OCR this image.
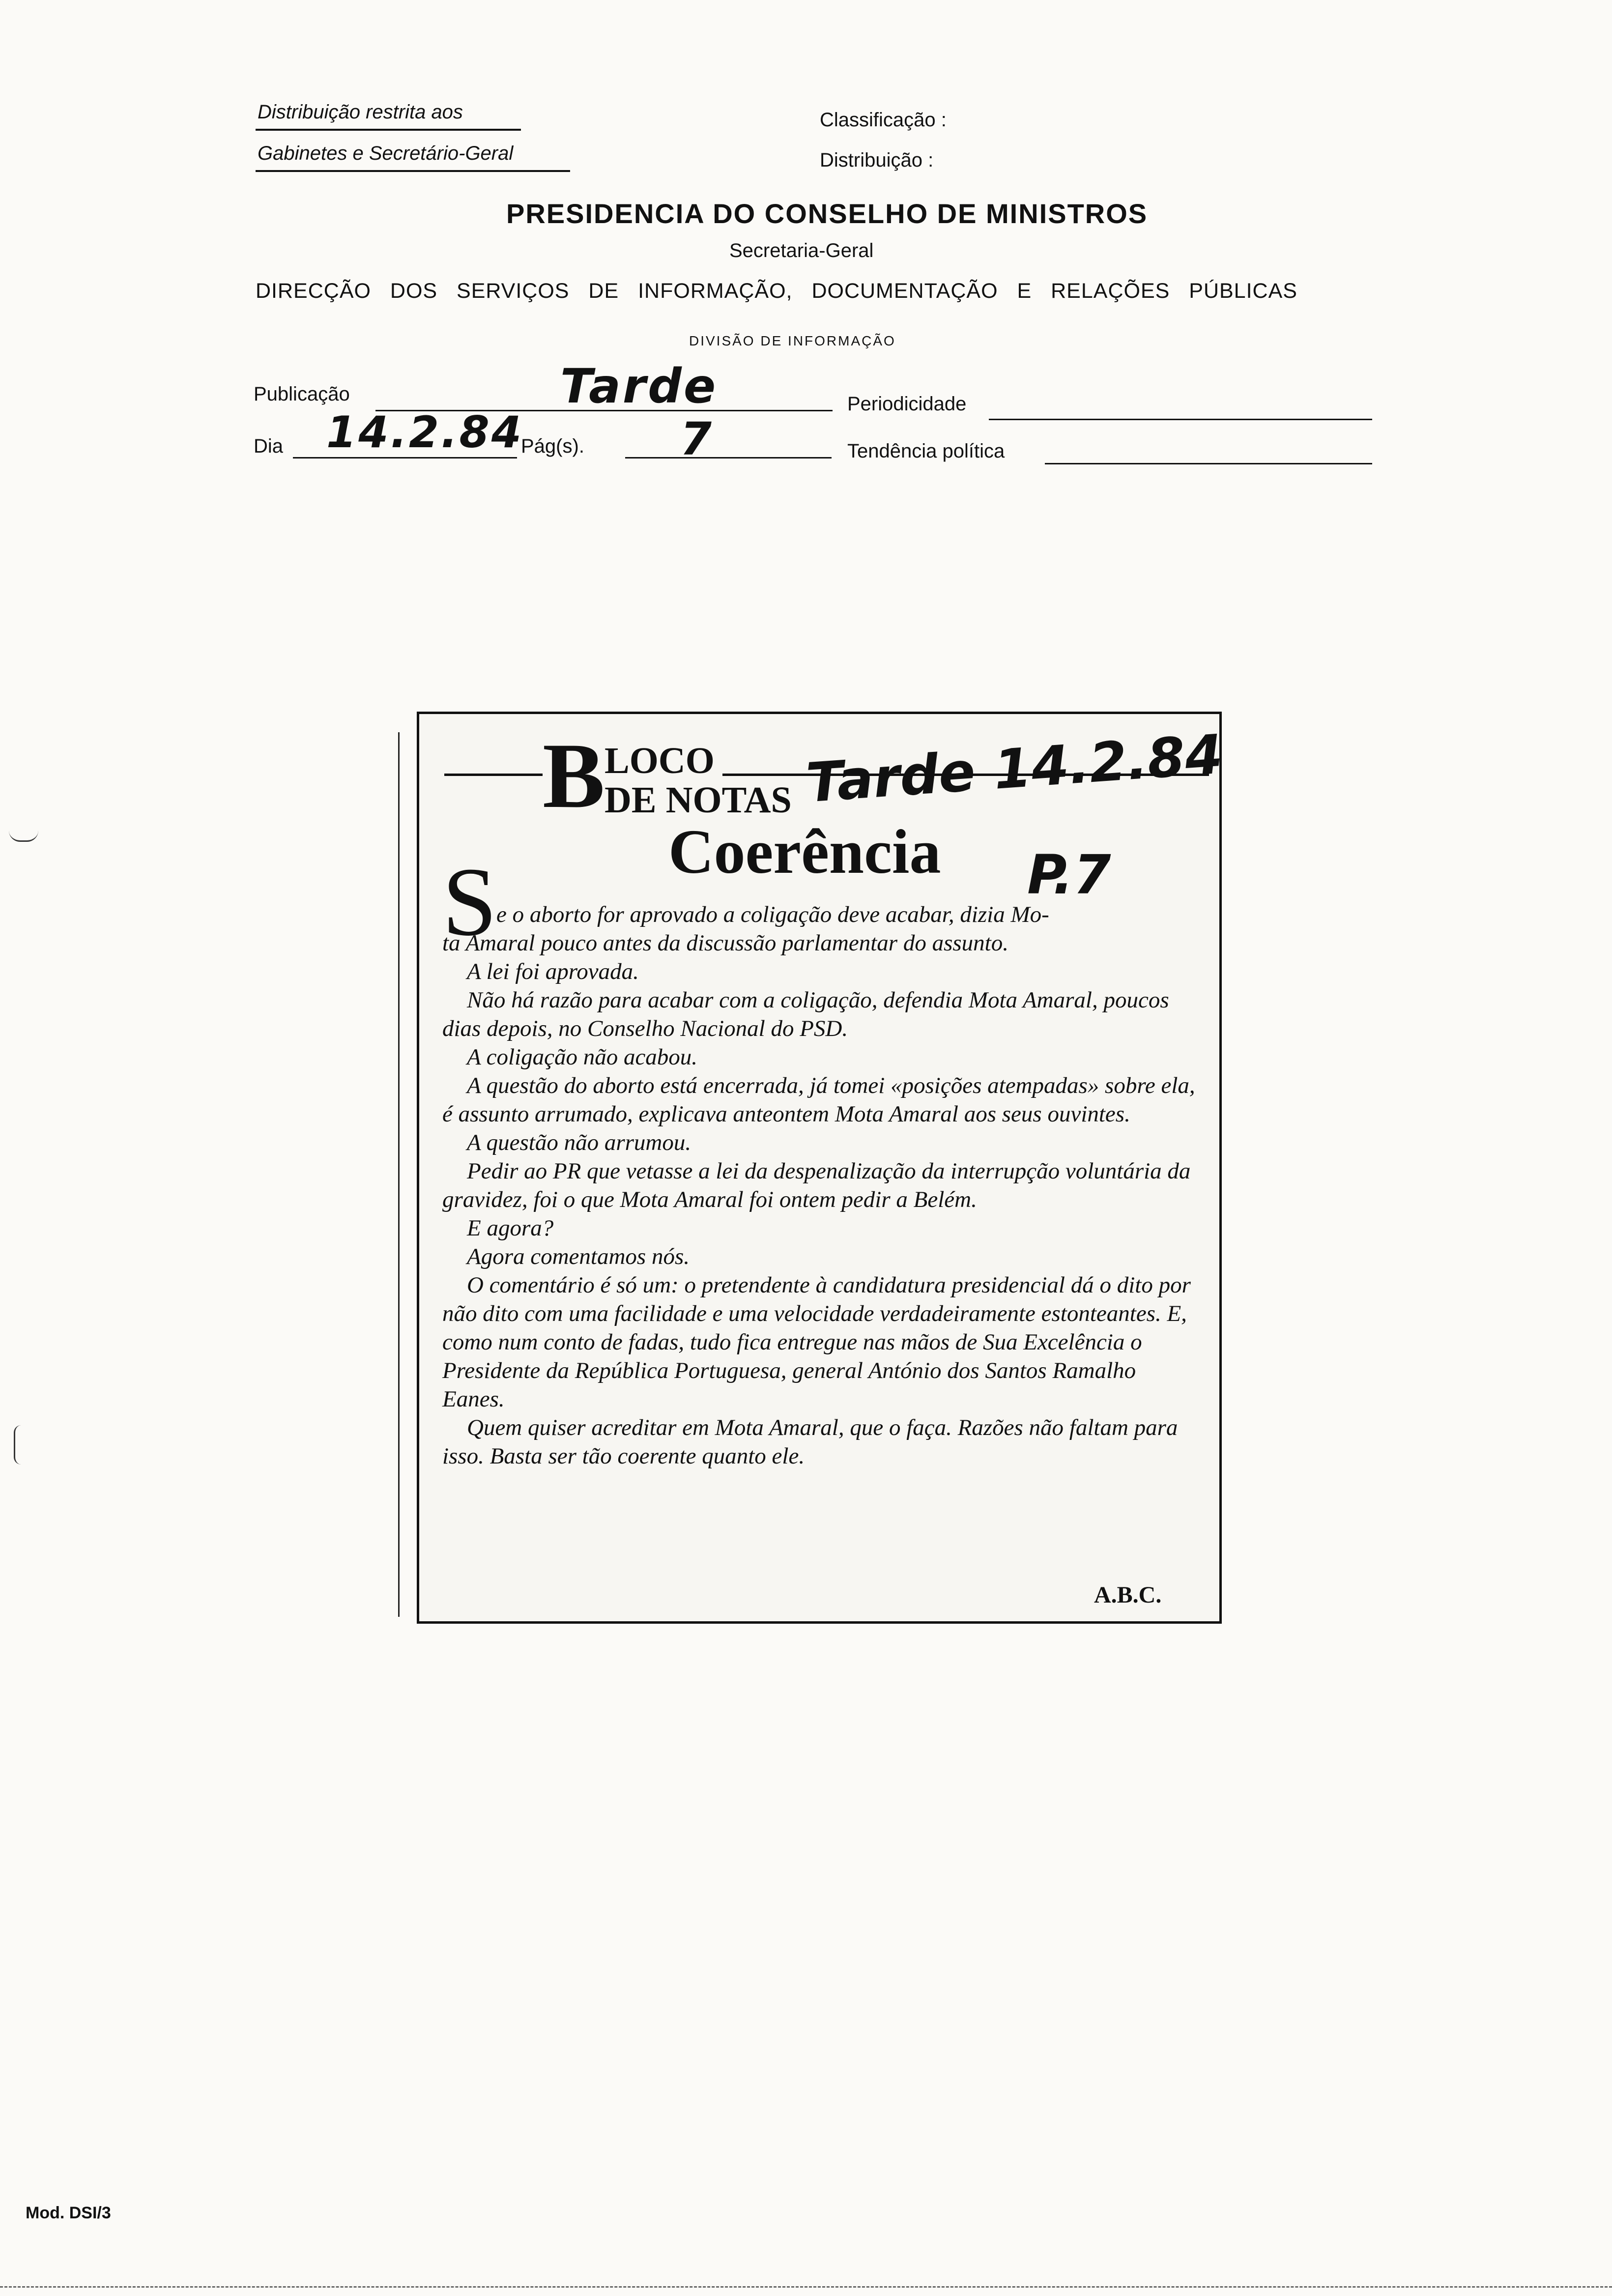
Distribuição restrita aos
Gabinetes e Secretário-Geral
Classificação :
Distribuição :
PRESIDENCIA DO CONSELHO DE MINISTROS
Secretaria-Geral
DIRECÇÃO DOS SERVIÇOS DE INFORMAÇÃO, DOCUMENTAÇÃO E RELAÇÕES PÚBLICAS
DIVISÃO DE INFORMAÇÃO
Publicação	Tarde	Periodicidade
Dia 14.2.84
Pág(s). 7	Tendência política
B LOCO
DE NOTAS Tarde 14.2.84
P.7
Coerência
S
e o aborto for aprovado a coligação deve acabar, dizia Mo-

ta Amaral pouco antes da discussão parlamentar do assunto.

A lei foi aprovada.

Não há razão para acabar com a coligação, defendia Mota Amaral, poucos dias depois, no Conselho Nacional do PSD.

A coligação não acabou.

A questão do aborto está encerrada, já tomei «posições atempadas» sobre ela, é assunto arrumado, explicava anteontem Mota Amaral aos seus ouvintes.

A questão não arrumou.

Pedir ao PR que vetasse a lei da despenalização da interrupção voluntária da gravidez, foi o que Mota Amaral foi ontem pedir a Belém.

E agora?

Agora comentamos nós.

O comentário é só um: o pretendente à candidatura presidencial dá o dito por não dito com uma facilidade e uma velocidade verdadeiramente estonteantes. E, como num conto de fadas, tudo fica entregue nas mãos de Sua Excelência o Presidente da República Portuguesa, general António dos Santos Ramalho Eanes.

Quem quiser acreditar em Mota Amaral, que o faça. Razões não faltam para isso. Basta ser tão coerente quanto ele.

A.B.C.
Mod. DSI/3
